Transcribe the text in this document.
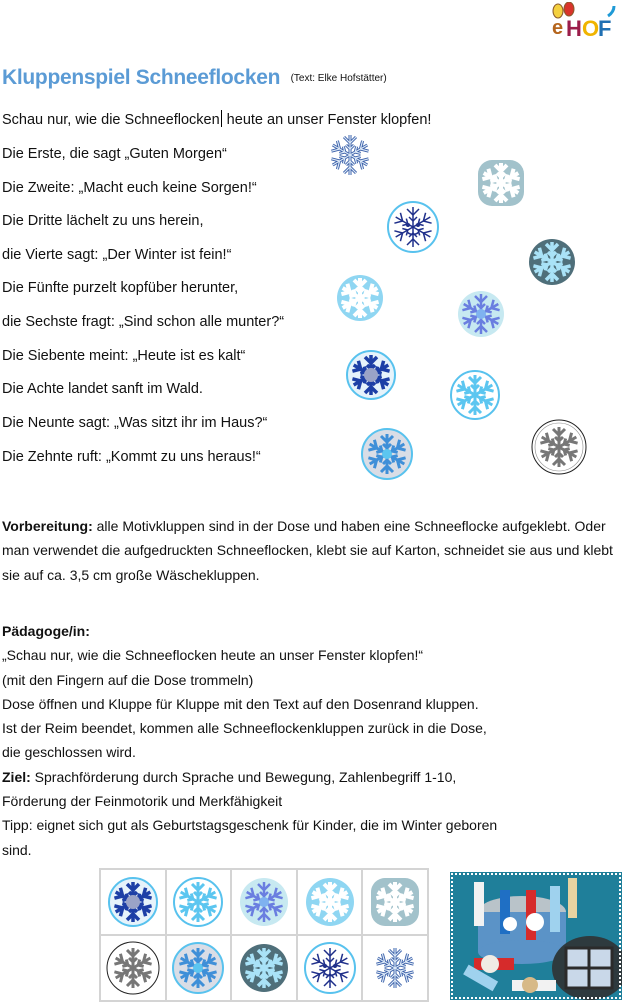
e H O
F
Kluppenspiel Schneeflocken (Text: Elke Hofstätter)
Schau nur, wie die Schneeflocken heute an unser Fenster klopfen!
Die Erste, die sagt „Guten Morgen“
Die Zweite: „Macht euch keine Sorgen!“
Die Dritte lächelt zu uns herein,
die Vierte sagt: „Der Winter ist fein!“
Die Fünfte purzelt kopfüber herunter,
die Sechste fragt: „Sind schon alle munter?“
Die Siebente meint: „Heute ist es kalt“
Die Achte landet sanft im Wald.
Die Neunte sagt: „Was sitzt ihr im Haus?“
Die Zehnte ruft: „Kommt zu uns heraus!“
Vorbereitung: alle Motivkluppen sind in der Dose und haben eine Schneeflocke aufgeklebt. Oder man verwendet die aufgedruckten Schneeflocken, klebt sie auf Karton, schneidet sie aus und klebt sie auf ca. 3,5 cm große Wäschekluppen.
Pädagoge/in:
„Schau nur, wie die Schneeflocken heute an unser Fenster klopfen!“
(mit den Fingern auf die Dose trommeln)
Dose öffnen und Kluppe für Kluppe mit den Text auf den Dosenrand kluppen.
Ist der Reim beendet, kommen alle Schneeflockenkluppen zurück in die Dose,
die geschlossen wird.
Ziel: Sprachförderung durch Sprache und Bewegung, Zahlenbegriff 1-10,
Förderung der Feinmotorik und Merkfähigkeit
Tipp: eignet sich gut als Geburtstagsgeschenk für Kinder, die im Winter geboren
sind.
